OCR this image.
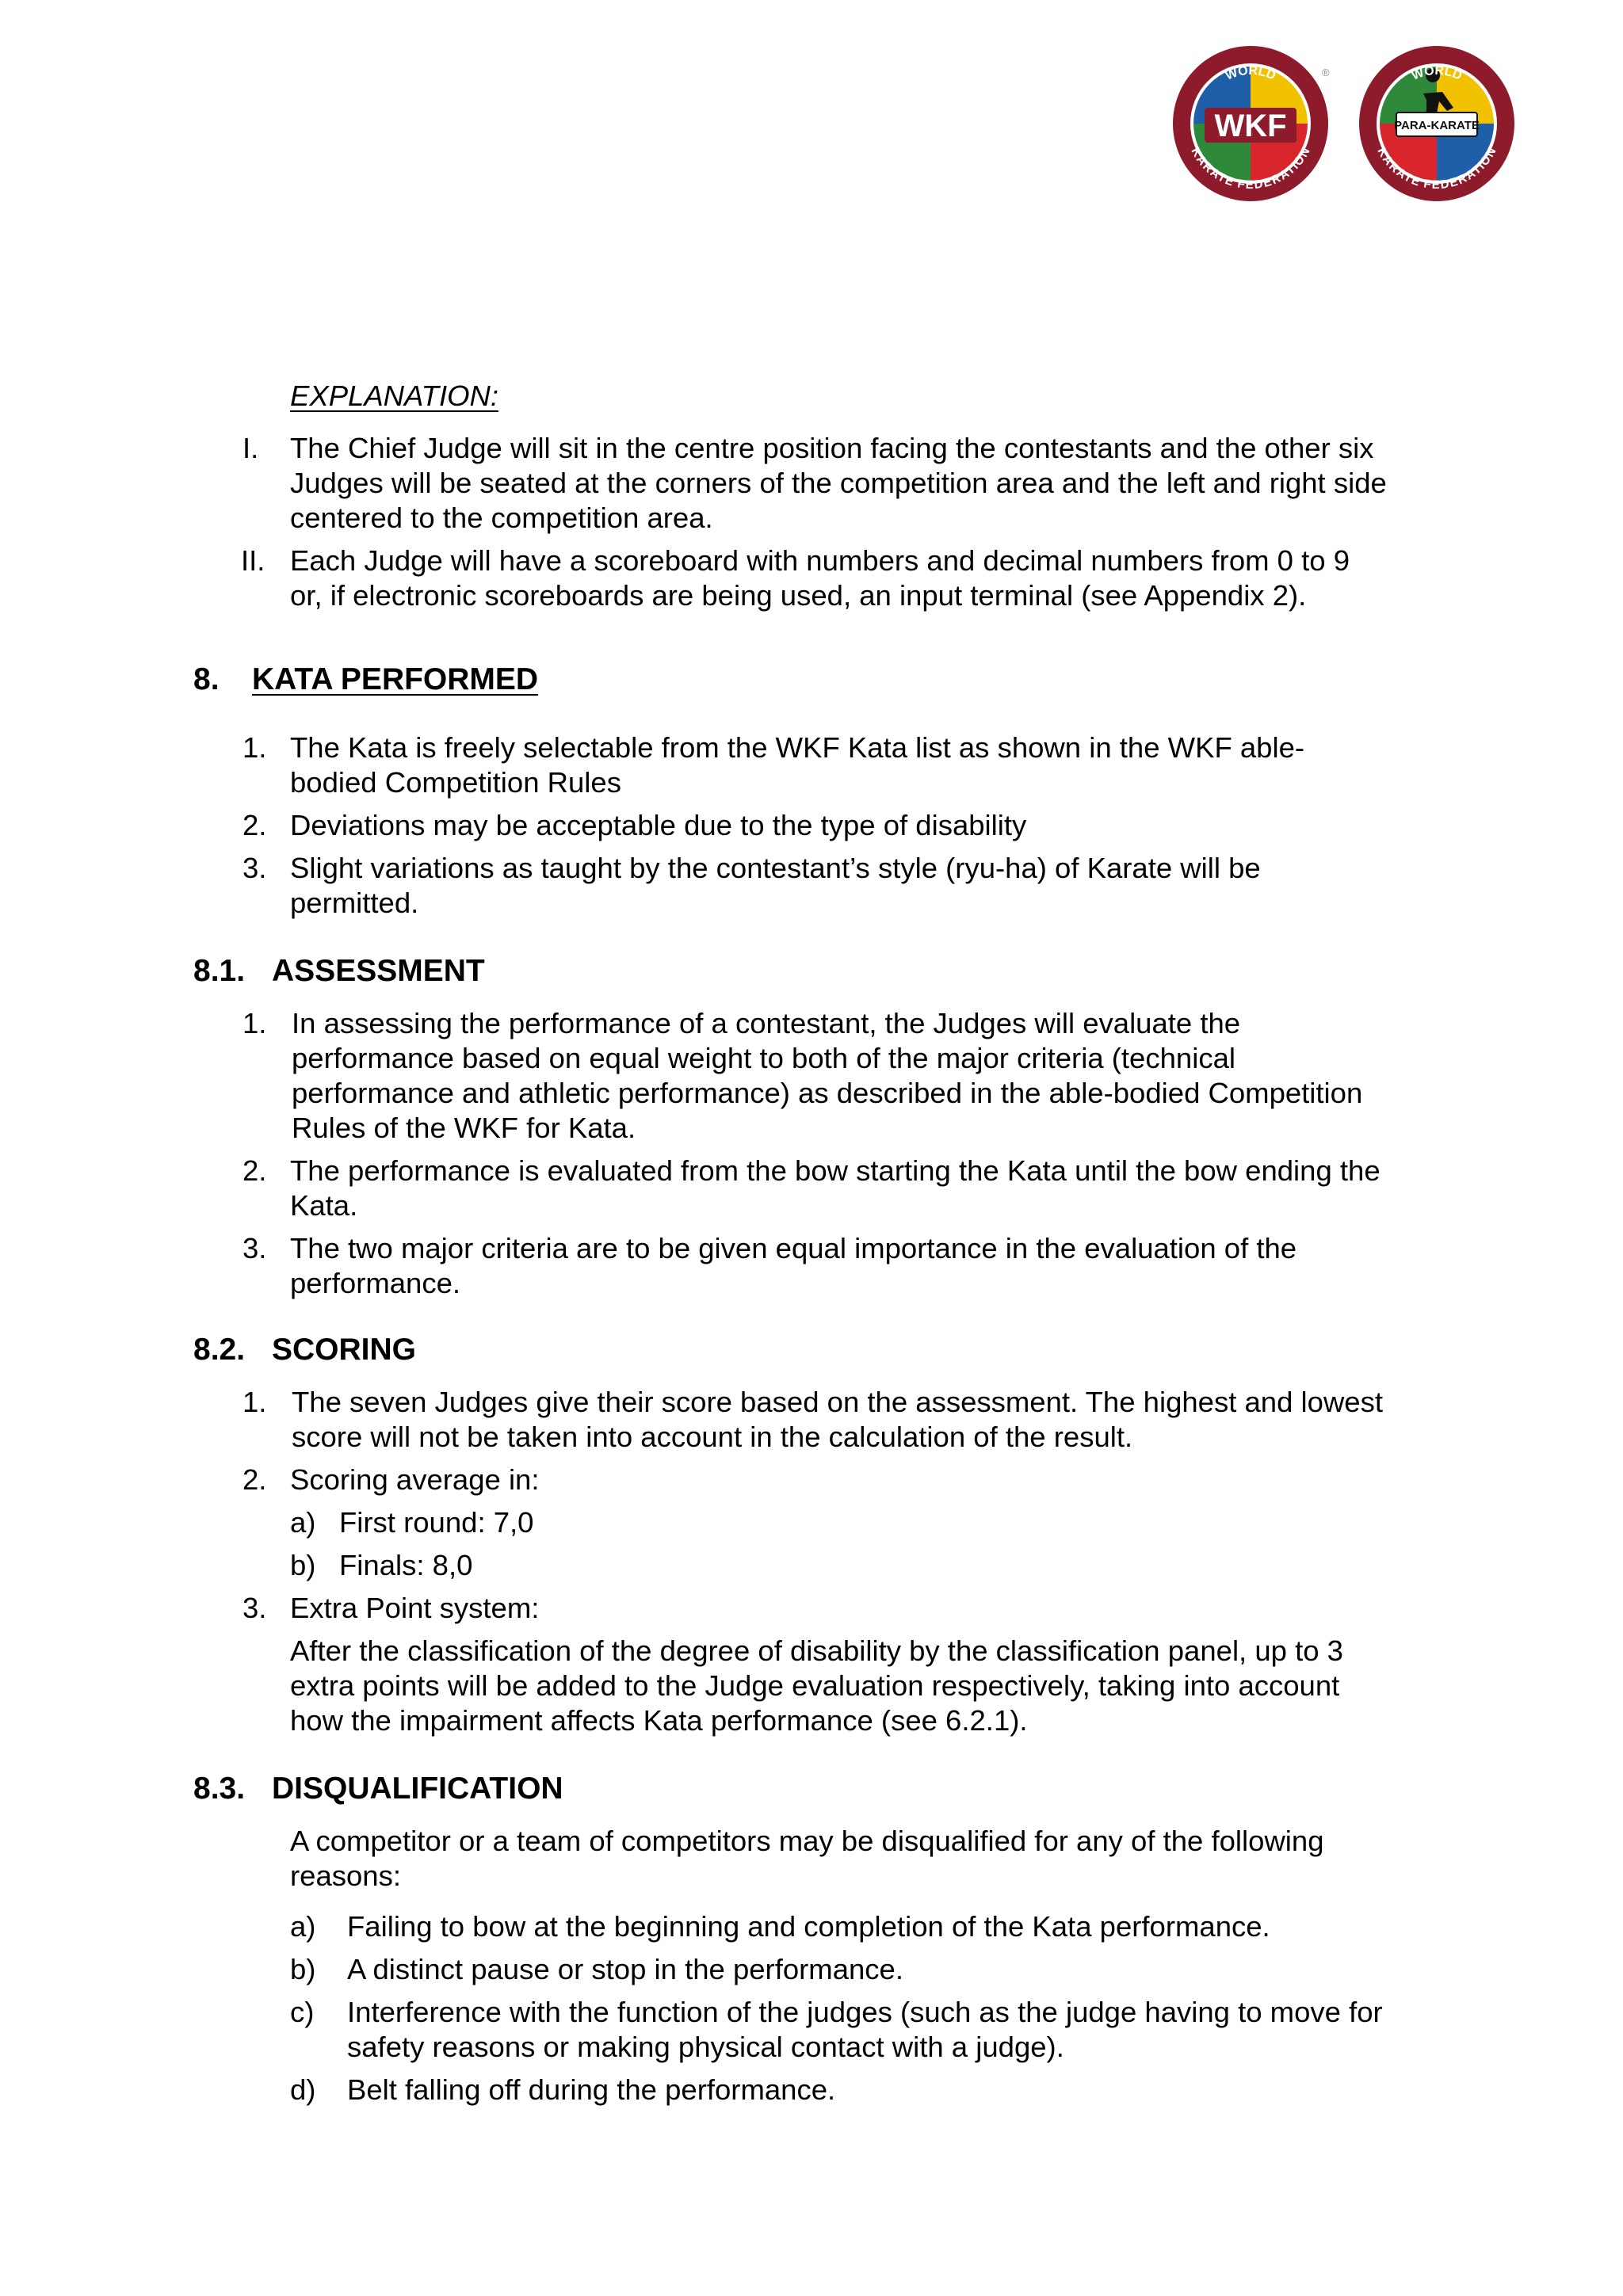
WKF
WORLD
KARATE FEDERATION
®
PARA-KARATE
WORLD
KARATE FEDERATION
EXPLANATION:
I. The Chief Judge will sit in the centre position facing the contestants and the other six
Judges will be seated at the corners of the competition area and the left and right side
centered to the competition area.
II. Each Judge will have a scoreboard with numbers and decimal numbers from 0 to 9
or, if electronic scoreboards are being used, an input terminal (see Appendix 2).
8. KATA PERFORMED
1. The Kata is freely selectable from the WKF Kata list as shown in the WKF able-
bodied Competition Rules
2. Deviations may be acceptable due to the type of disability
3. Slight variations as taught by the contestant’s style (ryu-ha) of Karate will be
permitted.
8.1. ASSESSMENT
1. In assessing the performance of a contestant, the Judges will evaluate the
performance based on equal weight to both of the major criteria (technical
performance and athletic performance) as described in the able-bodied Competition
Rules of the WKF for Kata.
2. The performance is evaluated from the bow starting the Kata until the bow ending the
Kata.
3. The two major criteria are to be given equal importance in the evaluation of the
performance.
8.2. SCORING
1. The seven Judges give their score based on the assessment. The highest and lowest
score will not be taken into account in the calculation of the result.
2. Scoring average in:
a) First round: 7,0
b) Finals: 8,0
3. Extra Point system:
After the classification of the degree of disability by the classification panel, up to 3
extra points will be added to the Judge evaluation respectively, taking into account
how the impairment affects Kata performance (see 6.2.1).
8.3. DISQUALIFICATION
A competitor or a team of competitors may be disqualified for any of the following
reasons:
a) Failing to bow at the beginning and completion of the Kata performance.
b) A distinct pause or stop in the performance.
c) Interference with the function of the judges (such as the judge having to move for
safety reasons or making physical contact with a judge).
d) Belt falling off during the performance.
